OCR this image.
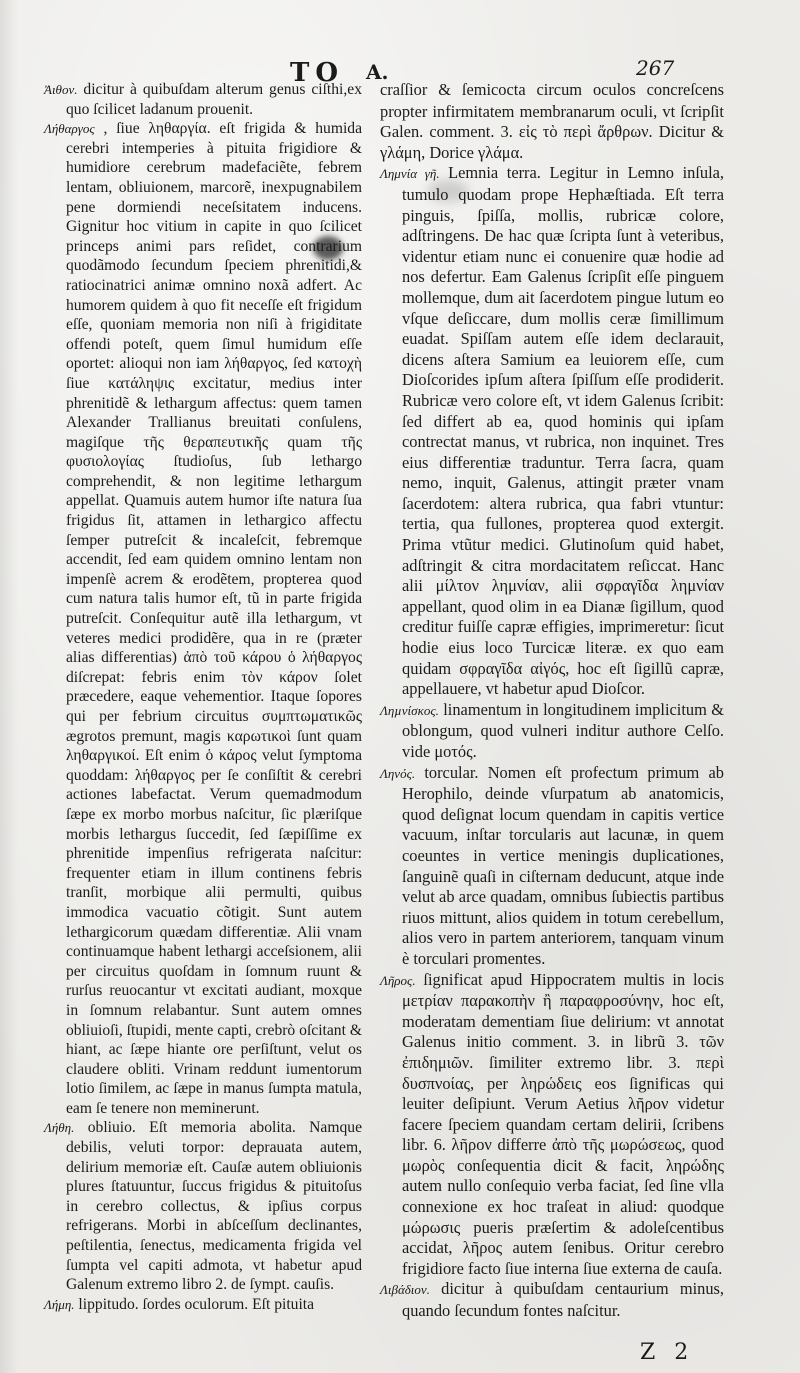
TO A.	267

Ἀιθον. dicitur à quibuſdam alterum genus ciſthi,ex quo ſcilicet ladanum prouenit.

Λήθαργος , ſiue ληθαργία. eſt frigida & humida cerebri intemperies à pituita frigidiore & humidiore cerebrum madefaciẽte, febrem lentam, obliuionem, marcorẽ, inexpugnabilem pene dormiendi neceſsitatem inducens. Gignitur hoc vitium in capite in quo ſcilicet princeps animi pars reſidet, contrarium quodãmodo ſecundum ſpeciem phrenitidi,& ratiocinatrici animæ omnino noxã adfert. Ac humorem quidem à quo fit neceſſe eſt frigidum eſſe, quoniam memoria non niſi à frigiditate offendi poteſt, quem ſimul humidum eſſe oportet: alioqui non iam λήθαργος, ſed κατοχὴ ſiue κατάληψις excitatur, medius inter phrenitidẽ & lethargum affectus: quem tamen Alexander Trallianus breuitati conſulens, magiſque τῆς θεραπευτικῆς quam τῆς φυσιολογίας ſtudioſus, ſub lethargo comprehendit, & non legitime lethargum appellat. Quamuis autem humor iſte natura ſua frigidus ſit, attamen in lethargico affectu ſemper putreſcit & incaleſcit, febremque accendit, ſed eam quidem omnino lentam non impenſè acrem & erodẽtem, propterea quod cum natura talis humor eſt, tũ in parte frigida putreſcit. Conſequitur autẽ illa lethargum, vt veteres medici prodidẽre, qua in re (præter alias differentias) ἀπὸ τοῦ κάρου ὁ λήθαργος diſcrepat: febris enim τὸν κάρον ſolet præcedere, eaque vehementior. Itaque ſopores qui per febrium circuitus συμπτωματικῶς ægrotos premunt, magis καρωτικοὶ ſunt quam ληθαργικοί. Eſt enim ὁ κάρος velut ſymptoma quoddam: λήθαργος per ſe conſiſtit & cerebri actiones labefactat. Verum quemadmodum ſæpe ex morbo morbus naſcitur, ſic plæriſque morbis lethargus ſuccedit, ſed ſæpiſſime ex phrenitide impenſius refrigerata naſcitur: frequenter etiam in illum continens febris tranſit, morbique alii permulti, quibus immodica vacuatio cõtigit. Sunt autem lethargicorum quædam differentiæ. Alii vnam continuamque habent lethargi acceſsionem, alii per circuitus quoſdam in ſomnum ruunt & rurſus reuocantur vt excitati audiant, moxque in ſomnum relabantur. Sunt autem omnes obliuioſi, ſtupidi, mente capti, crebrò oſcitant & hiant, ac ſæpe hiante ore perſiſtunt, velut os claudere obliti. Vrinam reddunt iumentorum lotio ſimilem, ac ſæpe in manus ſumpta matula, eam ſe tenere non meminerunt.

Λήθη. obliuio. Eſt memoria abolita. Namque debilis, veluti torpor: deprauata autem, delirium memoriæ eſt. Cauſæ autem obliuionis plures ſtatuuntur, ſuccus frigidus & pituitoſus in cerebro collectus, & ipſius corpus refrigerans. Morbi in abſceſſum declinantes, peſtilentia, ſenectus, medicamenta frigida vel ſumpta vel capiti admota, vt habetur apud Galenum extremo libro 2. de ſympt. cauſis.

Λήμη. lippitudo. ſordes oculorum. Eſt pituita

craſſior & ſemicocta circum oculos concreſcens propter infirmitatem membranarum oculi, vt ſcripſit Galen. comment. 3. εἰς τὸ περὶ ἄρθρων. Dicitur & γλάμη, Dorice γλάμα.

Λημνία γῆ. Lemnia terra. Legitur in Lemno inſula, tumulo quodam prope Hephæſtiada. Eſt terra pinguis, ſpiſſa, mollis, rubricæ colore, adſtringens. De hac quæ ſcripta ſunt à veteribus, videntur etiam nunc ei conuenire quæ hodie ad nos defertur. Eam Galenus ſcripſit eſſe pinguem mollemque, dum ait ſacerdotem pingue lutum eo vſque deſiccare, dum mollis ceræ ſimillimum euadat. Spiſſam autem eſſe idem declarauit, dicens aſtera Samium ea leuiorem eſſe, cum Dioſcorides ipſum aſtera ſpiſſum eſſe prodiderit. Rubricæ vero colore eſt, vt idem Galenus ſcribit: ſed differt ab ea, quod hominis qui ipſam contrectat manus, vt rubrica, non inquinet. Tres eius differentiæ traduntur. Terra ſacra, quam nemo, inquit, Galenus, attingit præter vnam ſacerdotem: altera rubrica, qua fabri vtuntur: tertia, qua fullones, propterea quod extergit. Prima vtũtur medici. Glutinoſum quid habet, adſtringit & citra mordacitatem reſiccat. Hanc alii μίλτον λημνίαν, alii σφραγῖδα λημνίαν appellant, quod olim in ea Dianæ ſigillum, quod creditur fuiſſe capræ effigies, imprimeretur: ſicut hodie eius loco Turcicæ literæ. ex quo eam quidam σφραγῖδα αἰγός, hoc eſt ſigillũ capræ, appellauere, vt habetur apud Dioſcor.

Ληµνίσκος. linamentum in longitudinem implicitum & oblongum, quod vulneri inditur authore Celſo. vide μοτός.

Ληνός. torcular. Nomen eſt profectum primum ab Herophilo, deinde vſurpatum ab anatomicis, quod deſignat locum quendam in capitis vertice vacuum, inſtar torcularis aut lacunæ, in quem coeuntes in vertice meningis duplicationes, ſanguinẽ quaſi in ciſternam deducunt, atque inde velut ab arce quadam, omnibus ſubiectis partibus riuos mittunt, alios quidem in totum cerebellum, alios vero in partem anteriorem, tanquam vinum è torculari promentes.

Λῆρος. ſignificat apud Hippocratem multis in locis μετρίαν παρακοπὴν ἢ παραφροσύνην, hoc eſt, moderatam dementiam ſiue delirium: vt annotat Galenus initio comment. 3. in librũ 3. τῶν ἐπιδημιῶν. ſimiliter extremo libr. 3. περὶ δυσπνοίας, per ληρώδεις eos ſignificas qui leuiter deſipiunt. Verum Aetius λῆρον videtur facere ſpeciem quandam certam delirii, ſcribens libr. 6. λῆρον differre ἀπὸ τῆς μωρώσεως, quod μωρὸς conſequentia dicit & facit, ληρώδης autem nullo conſequio verba faciat, ſed ſine vlla connexione ex hoc traſeat in aliud: quodque μώρωσις pueris præſertim & adoleſcentibus accidat, λῆρος autem ſenibus. Oritur cerebro frigidiore facto ſiue interna ſiue externa de cauſa.

Λιβάδιον. dicitur à quibuſdam centaurium minus, quando ſecundum fontes naſcitur.

Z 2
